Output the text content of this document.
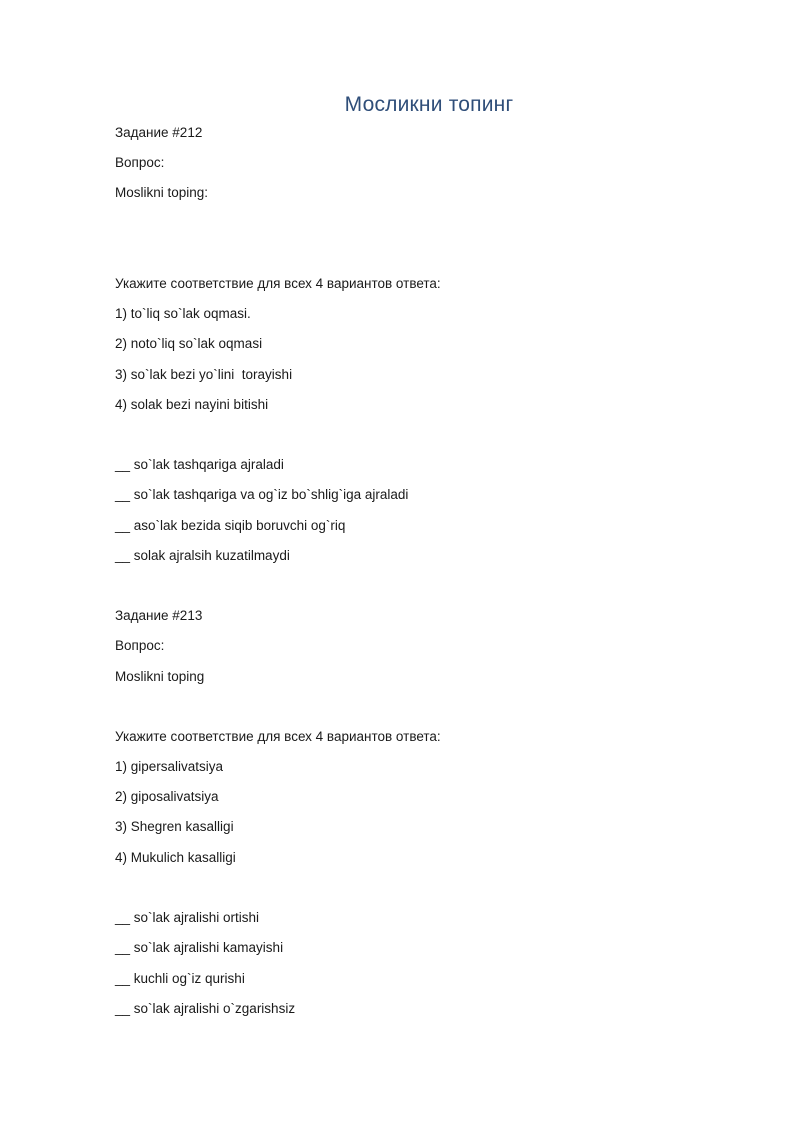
Мосликни топинг

Задание #212

Вопрос:

Moslikni toping:

Укажите соответствие для всех 4 вариантов ответа:

1) to`liq so`lak oqmasi.

2) noto`liq so`lak oqmasi

3) so`lak bezi yo`lini  torayishi

4) solak bezi nayini bitishi

__ so`lak tashqariga ajraladi

__ so`lak tashqariga va og`iz bo`shlig`iga ajraladi

__ aso`lak bezida siqib boruvchi og`riq

__ solak ajralsih kuzatilmaydi

Задание #213

Вопрос:

Moslikni toping

Укажите соответствие для всех 4 вариантов ответа:

1) gipersalivatsiya

2) giposalivatsiya

3) Shegren kasalligi

4) Mukulich kasalligi

__ so`lak ajralishi ortishi

__ so`lak ajralishi kamayishi

__ kuchli og`iz qurishi

__ so`lak ajralishi o`zgarishsiz
